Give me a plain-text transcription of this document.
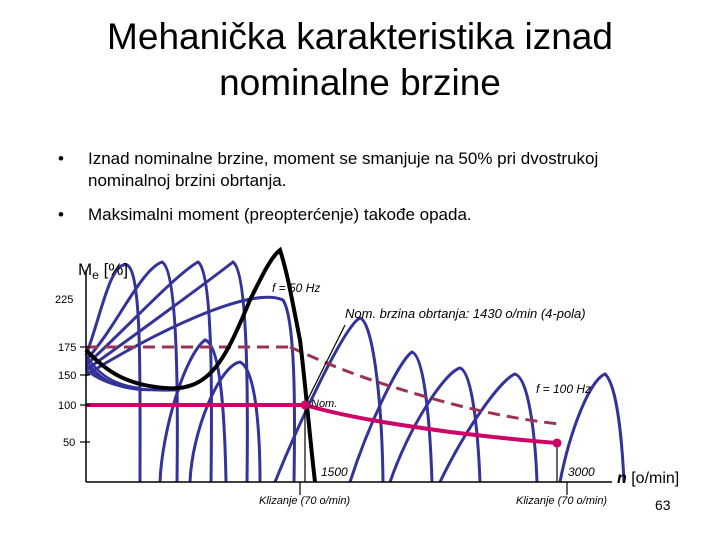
Mehanička karakteristika iznad
nominalne brzine
• Iznad nominalne brzine, moment se smanjuje na 50% pri dvostrukoj nominalnoj brzini obrtanja.
• Maksimalni moment (preopterćenje) takođe opada.
$M_e$ [%]
225
175
150
100
50
f = 50 Hz
Nom. brzina obrtanja: 1430 o/min (4-pola)
f = 100 Hz
Nom.
1500	3000 n [o/min]
Klizanje (70 o/min)	Klizanje (70 o/min)	63
